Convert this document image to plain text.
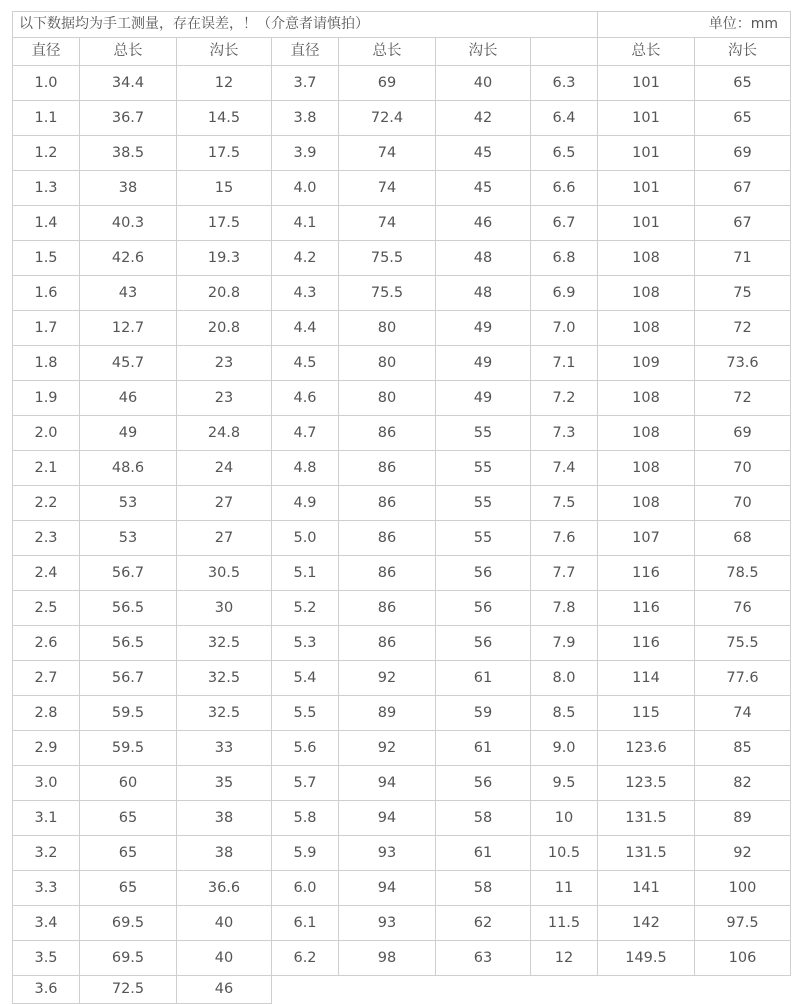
以下数据均为手工测量，存在误差，！（介意者请慎拍）							单位：mm	
直径	总长	沟长	直径	总长	沟长		总长	沟长
1.0	34.4	12	3.7	69	40	6.3	101	65
1.1	36.7	14.5	3.8	72.4	42	6.4	101	65
1.2	38.5	17.5	3.9	74	45	6.5	101	69
1.3	38	15	4.0	74	45	6.6	101	67
1.4	40.3	17.5	4.1	74	46	6.7	101	67
1.5	42.6	19.3	4.2	75.5	48	6.8	108	71
1.6	43	20.8	4.3	75.5	48	6.9	108	75
1.7	12.7	20.8	4.4	80	49	7.0	108	72
1.8	45.7	23	4.5	80	49	7.1	109	73.6
1.9	46	23	4.6	80	49	7.2	108	72
2.0	49	24.8	4.7	86	55	7.3	108	69
2.1	48.6	24	4.8	86	55	7.4	108	70
2.2	53	27	4.9	86	55	7.5	108	70
2.3	53	27	5.0	86	55	7.6	107	68
2.4	56.7	30.5	5.1	86	56	7.7	116	78.5
2.5	56.5	30	5.2	86	56	7.8	116	76
2.6	56.5	32.5	5.3	86	56	7.9	116	75.5
2.7	56.7	32.5	5.4	92	61	8.0	114	77.6
2.8	59.5	32.5	5.5	89	59	8.5	115	74
2.9	59.5	33	5.6	92	61	9.0	123.6	85
3.0	60	35	5.7	94	56	9.5	123.5	82
3.1	65	38	5.8	94	58	10	131.5	89
3.2	65	38	5.9	93	61	10.5	131.5	92
3.3	65	36.6	6.0	94	58	11	141	100
3.4	69.5	40	6.1	93	62	11.5	142	97.5
3.5	69.5	40	6.2	98	63	12	149.5	106
3.6	72.5	46						
